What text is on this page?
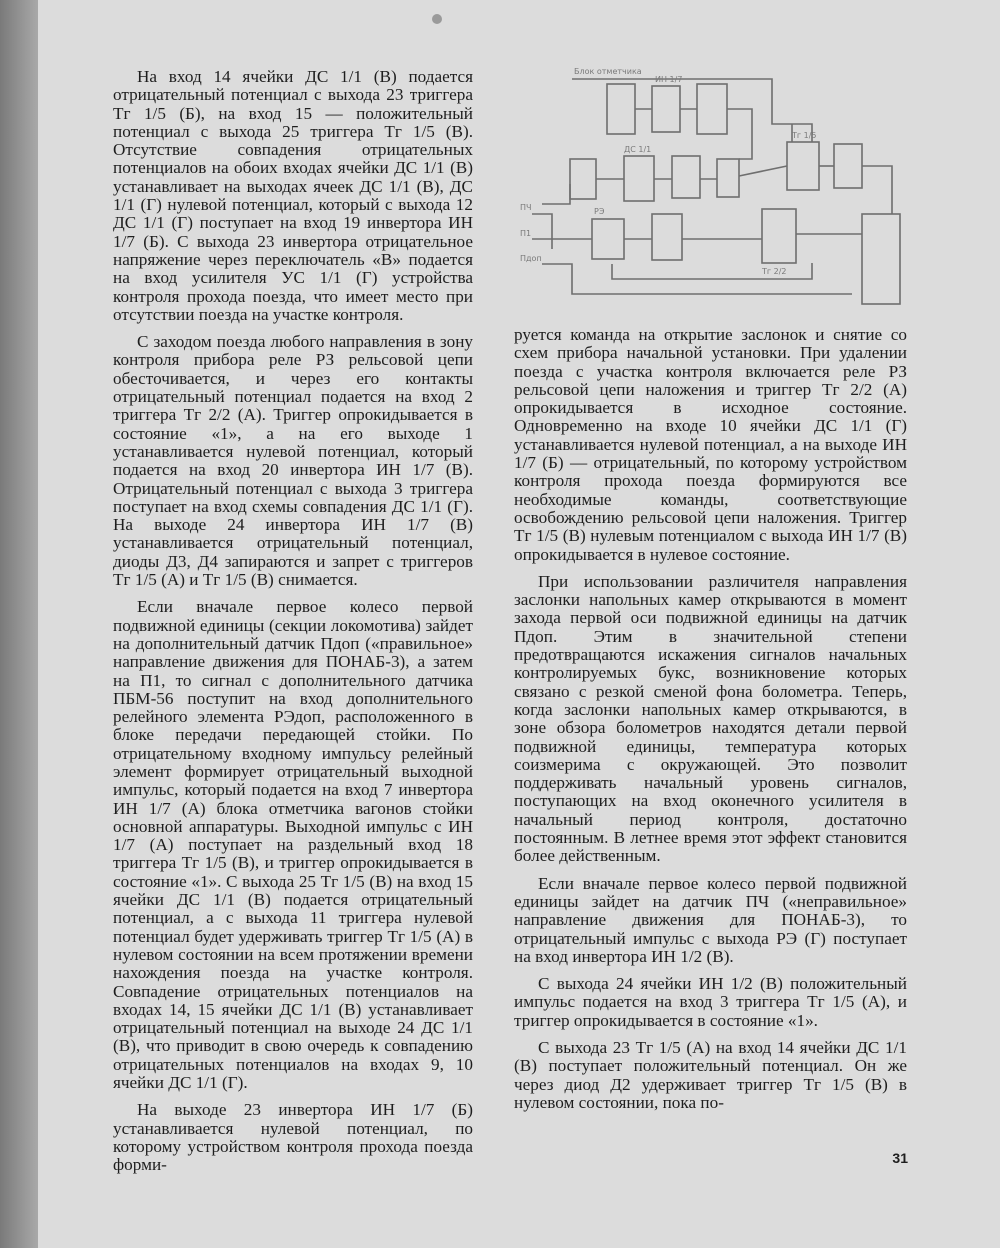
На вход 14 ячейки ДС 1/1 (В) подается отрицательный потенциал с выхода 23 триггера Тг 1/5 (Б), на вход 15 — положительный потенциал с выхода 25 триггера Тг 1/5 (В). Отсутствие совпадения отрицательных потенциалов на обоих входах ячейки ДС 1/1 (В) устанавливает на выходах ячеек ДС 1/1 (В), ДС 1/1 (Г) нулевой потенциал, который с выхода 12 ДС 1/1 (Г) поступает на вход 19 инвертора ИН 1/7 (Б). С выхода 23 инвертора отрицательное напряжение через переключатель «В» подается на вход усилителя УС 1/1 (Г) устройства контроля прохода поезда, что имеет место при отсутствии поезда на участке контроля.

С заходом поезда любого направления в зону контроля прибора реле РЗ рельсовой цепи обесточивается, и через его контакты отрицательный потенциал подается на вход 2 триггера Тг 2/2 (А). Триггер опрокидывается в состояние «1», а на его выходе 1 устанавливается нулевой потенциал, который подается на вход 20 инвертора ИН 1/7 (В). Отрицательный потенциал с выхода 3 триггера поступает на вход схемы совпадения ДС 1/1 (Г). На выходе 24 инвертора ИН 1/7 (В) устанавливается отрицательный потенциал, диоды Д3, Д4 запираются и запрет с триггеров Тг 1/5 (А) и Тг 1/5 (В) снимается.

Если вначале первое колесо первой подвижной единицы (секции локомотива) зайдет на дополнительный датчик Пдоп («правильное» направление движения для ПОНАБ-3), а затем на П1, то сигнал с дополнительного датчика ПБМ-56 поступит на вход дополнительного релейного элемента РЭдоп, расположенного в блоке передачи передающей стойки. По отрицательному входному импульсу релейный элемент формирует отрицательный выходной импульс, который подается на вход 7 инвертора ИН 1/7 (А) блока отметчика вагонов стойки основной аппаратуры. Выходной импульс с ИН 1/7 (А) поступает на раздельный вход 18 триггера Тг 1/5 (В), и триггер опрокидывается в состояние «1». С выхода 25 Тг 1/5 (В) на вход 15 ячейки ДС 1/1 (В) подается отрицательный потенциал, а с выхода 11 триггера нулевой потенциал будет удерживать триггер Тг 1/5 (А) в нулевом состоянии на всем протяжении времени нахождения поезда на участке контроля. Совпадение отрицательных потенциалов на входах 14, 15 ячейки ДС 1/1 (В) устанавливает отрицательный потенциал на выходе 24 ДС 1/1 (В), что приводит в свою очередь к совпадению отрицательных потенциалов на входах 9, 10 ячейки ДС 1/1 (Г).

На выходе 23 инвертора ИН 1/7 (Б) устанавливается нулевой потенциал, по которому устройством контроля прохода поезда форми-

Блок отметчика
ИН 1/7
Тг 1/5
ДС 1/1
РЭ
П1
ПЧ
Пдоп
Тг 2/2

руется команда на открытие заслонок и снятие со схем прибора начальной установки. При удалении поезда с участка контроля включается реле РЗ рельсовой цепи наложения и триггер Тг 2/2 (А) опрокидывается в исходное состояние. Одновременно на входе 10 ячейки ДС 1/1 (Г) устанавливается нулевой потенциал, а на выходе ИН 1/7 (Б) — отрицательный, по которому устройством контроля прохода поезда формируются все необходимые команды, соответствующие освобождению рельсовой цепи наложения. Триггер Тг 1/5 (В) нулевым потенциалом с выхода ИН 1/7 (В) опрокидывается в нулевое состояние.

При использовании различителя направления заслонки напольных камер открываются в момент захода первой оси подвижной единицы на датчик Пдоп. Этим в значительной степени предотвращаются искажения сигналов начальных контролируемых букс, возникновение которых связано с резкой сменой фона болометра. Теперь, когда заслонки напольных камер открываются, в зоне обзора болометров находятся детали первой подвижной единицы, температура которых соизмерима с окружающей. Это позволит поддерживать начальный уровень сигналов, поступающих на вход оконечного усилителя в начальный период контроля, достаточно постоянным. В летнее время этот эффект становится более действенным.

Если вначале первое колесо первой подвижной единицы зайдет на датчик ПЧ («неправильное» направление движения для ПОНАБ-3), то отрицательный импульс с выхода РЭ (Г) поступает на вход инвертора ИН 1/2 (В).

С выхода 24 ячейки ИН 1/2 (В) положительный импульс подается на вход 3 триггера Тг 1/5 (А), и триггер опрокидывается в состояние «1».

С выхода 23 Тг 1/5 (А) на вход 14 ячейки ДС 1/1 (В) поступает положительный потенциал. Он же через диод Д2 удерживает триггер Тг 1/5 (В) в нулевом состоянии, пока по-

31
